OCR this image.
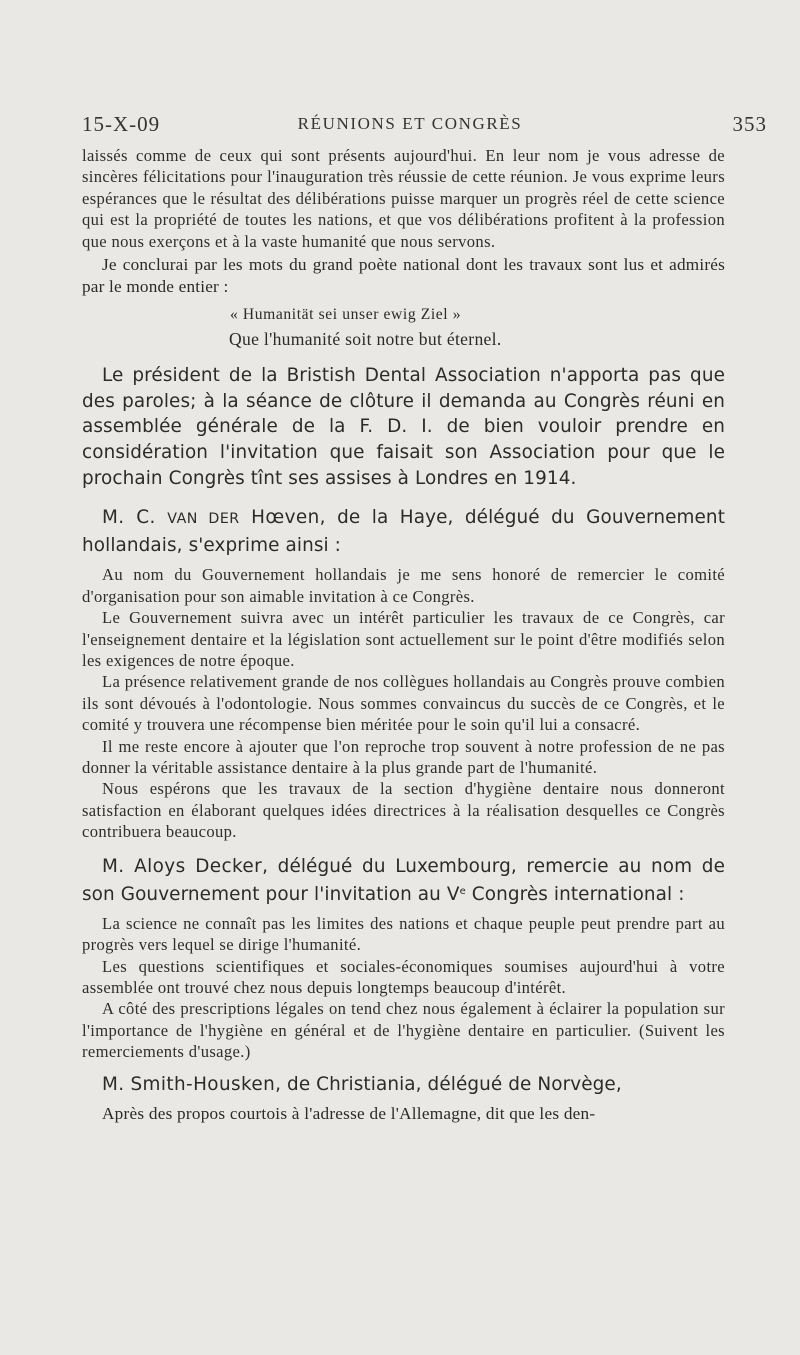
15-X-09	RÉUNIONS ET CONGRÈS	353

laissés comme de ceux qui sont présents aujourd'hui. En leur nom je vous adresse de sincères félicitations pour l'inauguration très réussie de cette réunion. Je vous exprime leurs espérances que le résultat des délibérations puisse marquer un progrès réel de cette science qui est la propriété de toutes les nations, et que vos délibérations profitent à la profession que nous exerçons et à la vaste humanité que nous servons.

Je conclurai par les mots du grand poète national dont les travaux sont lus et admirés par le monde entier :

« Humanität sei unser ewig Ziel »
Que l'humanité soit notre but éternel.

Le président de la Bristish Dental Association n'apporta pas que des paroles; à la séance de clôture il demanda au Congrès réuni en assemblée générale de la F. D. I. de bien vouloir prendre en considération l'invitation que faisait son Association pour que le prochain Congrès tînt ses assises à Londres en 1914.

M. C. VAN DER Hœven, de la Haye, délégué du Gouvernement hollandais, s'exprime ainsi :

Au nom du Gouvernement hollandais je me sens honoré de remercier le comité d'organisation pour son aimable invitation à ce Congrès.

Le Gouvernement suivra avec un intérêt particulier les travaux de ce Congrès, car l'enseignement dentaire et la législation sont actuellement sur le point d'être modifiés selon les exigences de notre époque.

La présence relativement grande de nos collègues hollandais au Congrès prouve combien ils sont dévoués à l'odontologie. Nous sommes convaincus du succès de ce Congrès, et le comité y trouvera une récompense bien méritée pour le soin qu'il lui a consacré.

Il me reste encore à ajouter que l'on reproche trop souvent à notre profession de ne pas donner la véritable assistance dentaire à la plus grande part de l'humanité.

Nous espérons que les travaux de la section d'hygiène dentaire nous donneront satisfaction en élaborant quelques idées directrices à la réalisation desquelles ce Congrès contribuera beaucoup.

M. Aloys Decker, délégué du Luxembourg, remercie au nom de son Gouvernement pour l'invitation au Ve Congrès international :

La science ne connaît pas les limites des nations et chaque peuple peut prendre part au progrès vers lequel se dirige l'humanité.

Les questions scientifiques et sociales-économiques soumises aujourd'hui à votre assemblée ont trouvé chez nous depuis longtemps beaucoup d'intérêt.

A côté des prescriptions légales on tend chez nous également à éclairer la population sur l'importance de l'hygiène en général et de l'hygiène dentaire en particulier. (Suivent les remerciements d'usage.)

M. Smith-Housken, de Christiania, délégué de Norvège,

Après des propos courtois à l'adresse de l'Allemagne, dit que les den-
